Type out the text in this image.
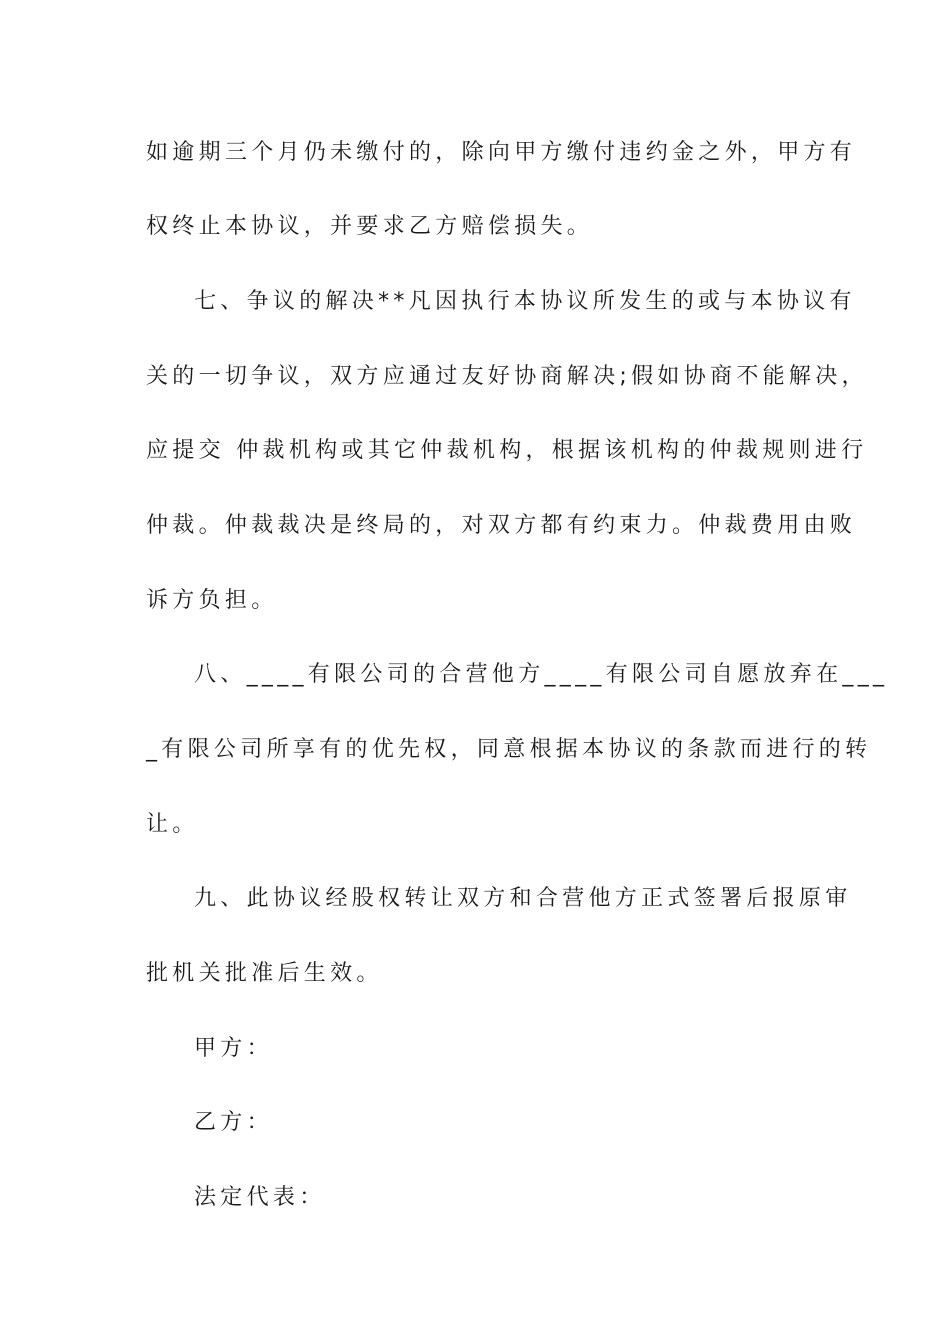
如逾期三个月仍未缴付的，除向甲方缴付违约金之外，甲方有
权终止本协议，并要求乙方赔偿损失。
七、争议的解决**凡因执行本协议所发生的或与本协议有
关的一切争议，双方应通过友好协商解决;假如协商不能解决，
应提交 仲裁机构或其它仲裁机构，根据该机构的仲裁规则进行
仲裁。仲裁裁决是终局的，对双方都有约束力。仲裁费用由败
诉方负担。
八、____有限公司的合营他方____有限公司自愿放弃在___
_有限公司所享有的优先权，同意根据本协议的条款而进行的转
让。
九、此协议经股权转让双方和合营他方正式签署后报原审
批机关批准后生效。
甲方：
乙方：
法定代表：
